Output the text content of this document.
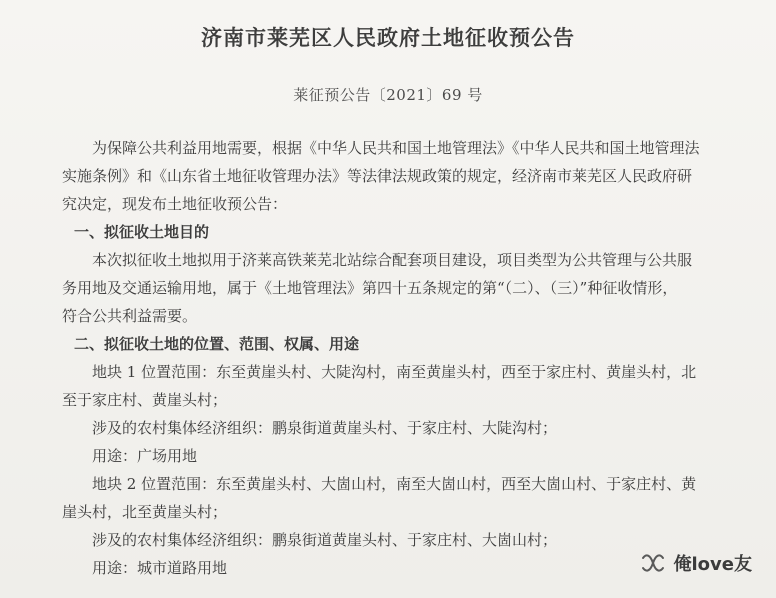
济南市莱芜区人民政府土地征收预公告
莱征预公告〔2021〕69 号

为保障公共利益用地需要，根据《中华人民共和国土地管理法》《中华人民共和国土地管理法

实施条例》和《山东省土地征收管理办法》等法律法规政策的规定，经济南市莱芜区人民政府研

究决定，现发布土地征收预公告：

一、拟征收土地目的

本次拟征收土地拟用于济莱高铁莱芜北站综合配套项目建设，项目类型为公共管理与公共服

务用地及交通运输用地，属于《土地管理法》第四十五条规定的第“（二）、（三）”种征收情形，

符合公共利益需要。

二、拟征收土地的位置、范围、权属、用途

地块 1 位置范围：东至黄崖头村、大陡沟村，南至黄崖头村，西至于家庄村、黄崖头村，北

至于家庄村、黄崖头村；

涉及的农村集体经济组织：鹏泉街道黄崖头村、于家庄村、大陡沟村；

用途：广场用地

地块 2 位置范围：东至黄崖头村、大崮山村，南至大崮山村，西至大崮山村、于家庄村、黄

崖头村，北至黄崖头村；

涉及的农村集体经济组织：鹏泉街道黄崖头村、于家庄村、大崮山村；

用途：城市道路用地	俺love友
